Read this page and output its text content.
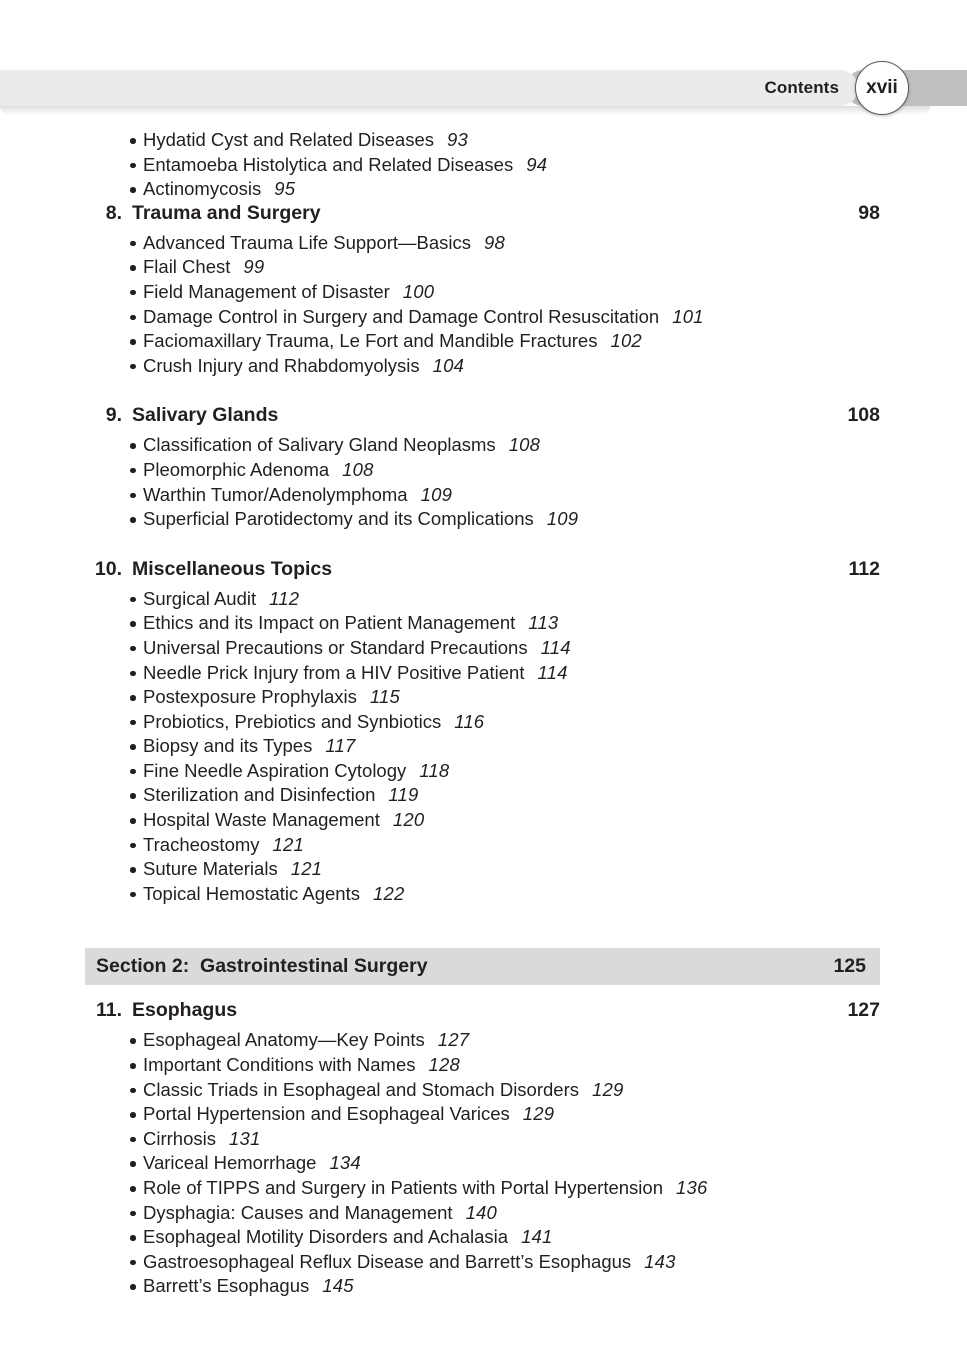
Contents	xvii
Hydatid Cyst and Related Diseases 93
Entamoeba Histolytica and Related Diseases 94
Actinomycosis 95
8. Trauma and Surgery	98
Advanced Trauma Life Support—Basics 98
Flail Chest 99
Field Management of Disaster 100
Damage Control in Surgery and Damage Control Resuscitation 101
Faciomaxillary Trauma, Le Fort and Mandible Fractures 102
Crush Injury and Rhabdomyolysis 104
9. Salivary Glands	108
Classification of Salivary Gland Neoplasms 108
Pleomorphic Adenoma 108
Warthin Tumor/Adenolymphoma 109
Superficial Parotidectomy and its Complications 109
10. Miscellaneous Topics	112
Surgical Audit 112
Ethics and its Impact on Patient Management 113
Universal Precautions or Standard Precautions 114
Needle Prick Injury from a HIV Positive Patient 114
Postexposure Prophylaxis 115
Probiotics, Prebiotics and Synbiotics 116
Biopsy and its Types 117
Fine Needle Aspiration Cytology 118
Sterilization and Disinfection 119
Hospital Waste Management 120
Tracheostomy 121
Suture Materials 121
Topical Hemostatic Agents 122
Section 2:  Gastrointestinal Surgery	125
11. Esophagus	127
Esophageal Anatomy—Key Points 127
Important Conditions with Names 128
Classic Triads in Esophageal and Stomach Disorders 129
Portal Hypertension and Esophageal Varices 129
Cirrhosis 131
Variceal Hemorrhage 134
Role of TIPPS and Surgery in Patients with Portal Hypertension 136
Dysphagia: Causes and Management 140
Esophageal Motility Disorders and Achalasia 141
Gastroesophageal Reflux Disease and Barrett’s Esophagus 143
Barrett’s Esophagus 145
